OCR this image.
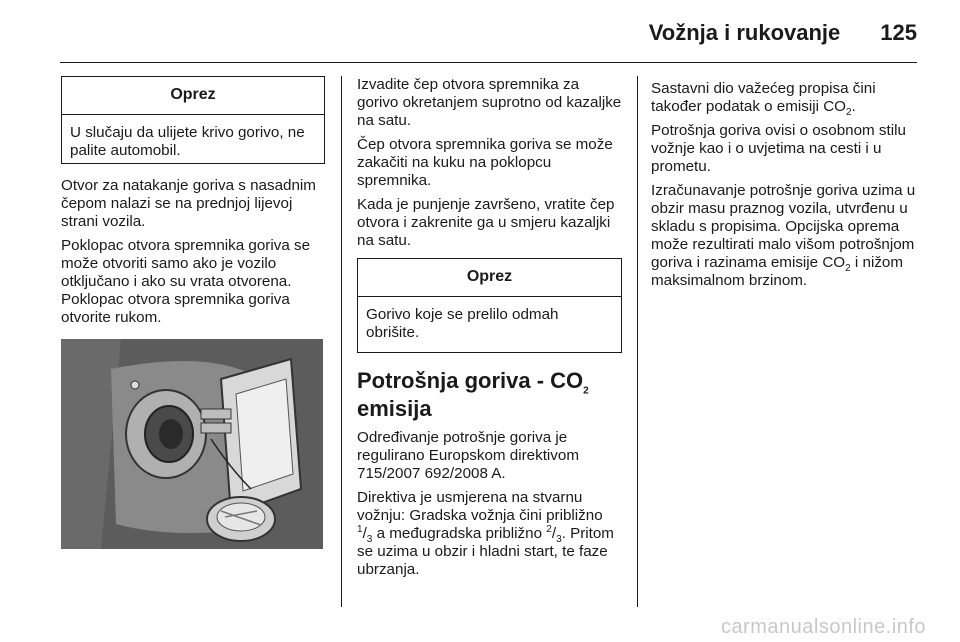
Vožnja i rukovanje 125
Oprez
U slučaju da ulijete krivo gorivo, ne palite automobil.

Otvor za natakanje goriva s nasadnim čepom nalazi se na prednjoj lijevoj strani vozila.

Poklopac otvora spremnika goriva se može otvoriti samo ako je vozilo otključano i ako su vrata otvorena. Poklopac otvora spremnika goriva otvorite rukom.

Izvadite čep otvora spremnika za gorivo okretanjem suprotno od kazaljke na satu.

Čep otvora spremnika goriva se može zakačiti na kuku na poklopcu spremnika.

Kada je punjenje završeno, vratite čep otvora i zakrenite ga u smjeru kazaljki na satu.

Oprez
Gorivo koje se prelilo odmah obrišite.
Potrošnja goriva - $CO_2$
emisija

Određivanje potrošnje goriva je regulirano Europskom direktivom 715/2007 692/2008 A.

Direktiva je usmjerena na stvarnu vožnju: Gradska vožnja čini približno $^1/_3$ a međugradska približno $^2/_3$. Pritom se uzima u obzir i hladni start, te faze ubrzanja.

Sastavni dio važećeg propisa čini također podatak o emisiji $CO_2$.

Potrošnja goriva ovisi o osobnom stilu vožnje kao i o uvjetima na cesti i u prometu.

Izračunavanje potrošnje goriva uzima u obzir masu praznog vozila, utvrđenu u skladu s propisima. Opcijska oprema može rezultirati malo višom potrošnjom goriva i razinama emisije $CO_2$ i nižom maksimalnom brzinom.

carmanualsonline.info
